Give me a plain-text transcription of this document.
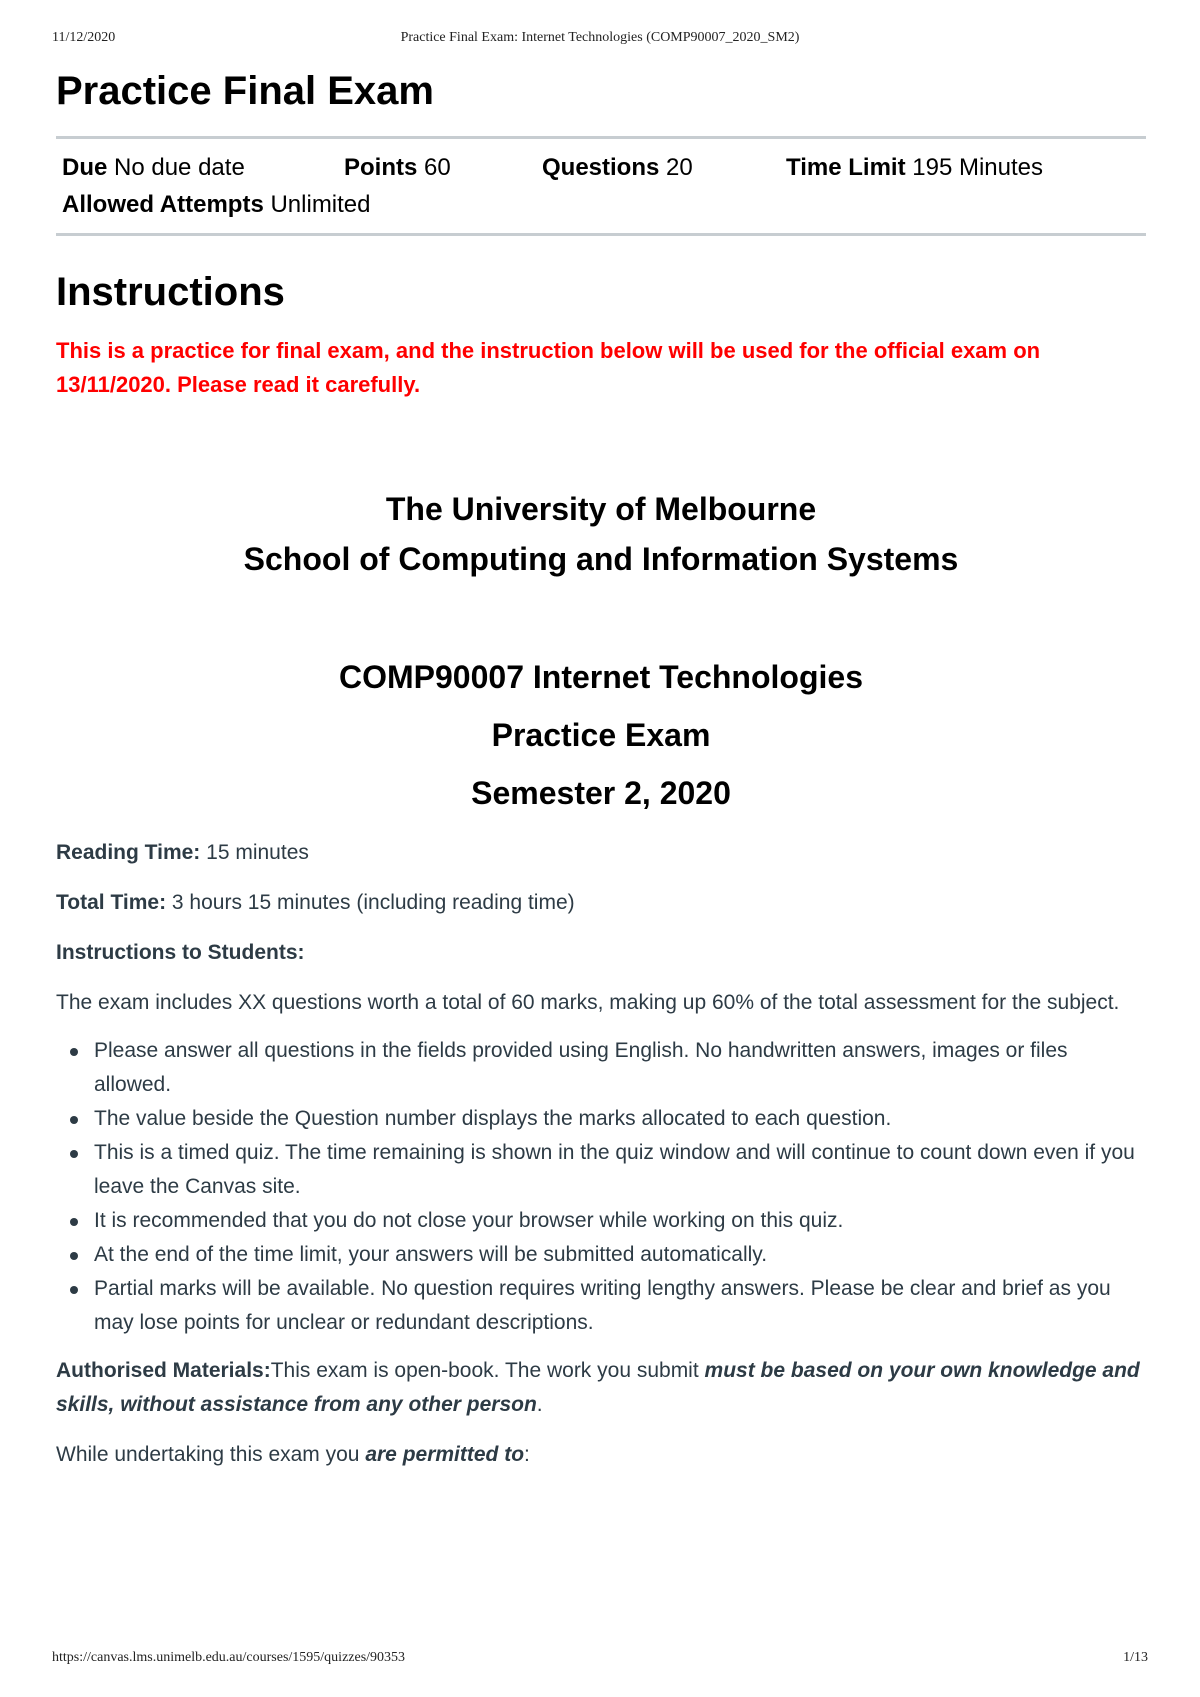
11/12/2020	Practice Final Exam: Internet Technologies (COMP90007_2020_SM2)
Practice Final Exam
Due No due date	Points 60	Questions 20	Time Limit 195 Minutes
Allowed Attempts Unlimited
Instructions
This is a practice for final exam, and the instruction below will be used for the official exam on 13/11/2020. Please read it carefully.
The University of Melbourne
School of Computing and Information Systems
COMP90007 Internet Technologies
Practice Exam
Semester 2, 2020

Reading Time: 15 minutes

Total Time: 3 hours 15 minutes (including reading time)

Instructions to Students:

The exam includes XX questions worth a total of 60 marks, making up 60% of the total assessment for the subject.

Please answer all questions in the fields provided using English. No handwritten answers, images or files allowed.
The value beside the Question number displays the marks allocated to each question.
This is a timed quiz. The time remaining is shown in the quiz window and will continue to count down even if you leave the Canvas site.
It is recommended that you do not close your browser while working on this quiz.
At the end of the time limit, your answers will be submitted automatically.
Partial marks will be available. No question requires writing lengthy answers. Please be clear and brief as you may lose points for unclear or redundant descriptions.

Authorised Materials:This exam is open-book. The work you submit must be based on your own knowledge and skills, without assistance from any other person.

While undertaking this exam you are permitted to:

https://canvas.lms.unimelb.edu.au/courses/1595/quizzes/90353	1/13
